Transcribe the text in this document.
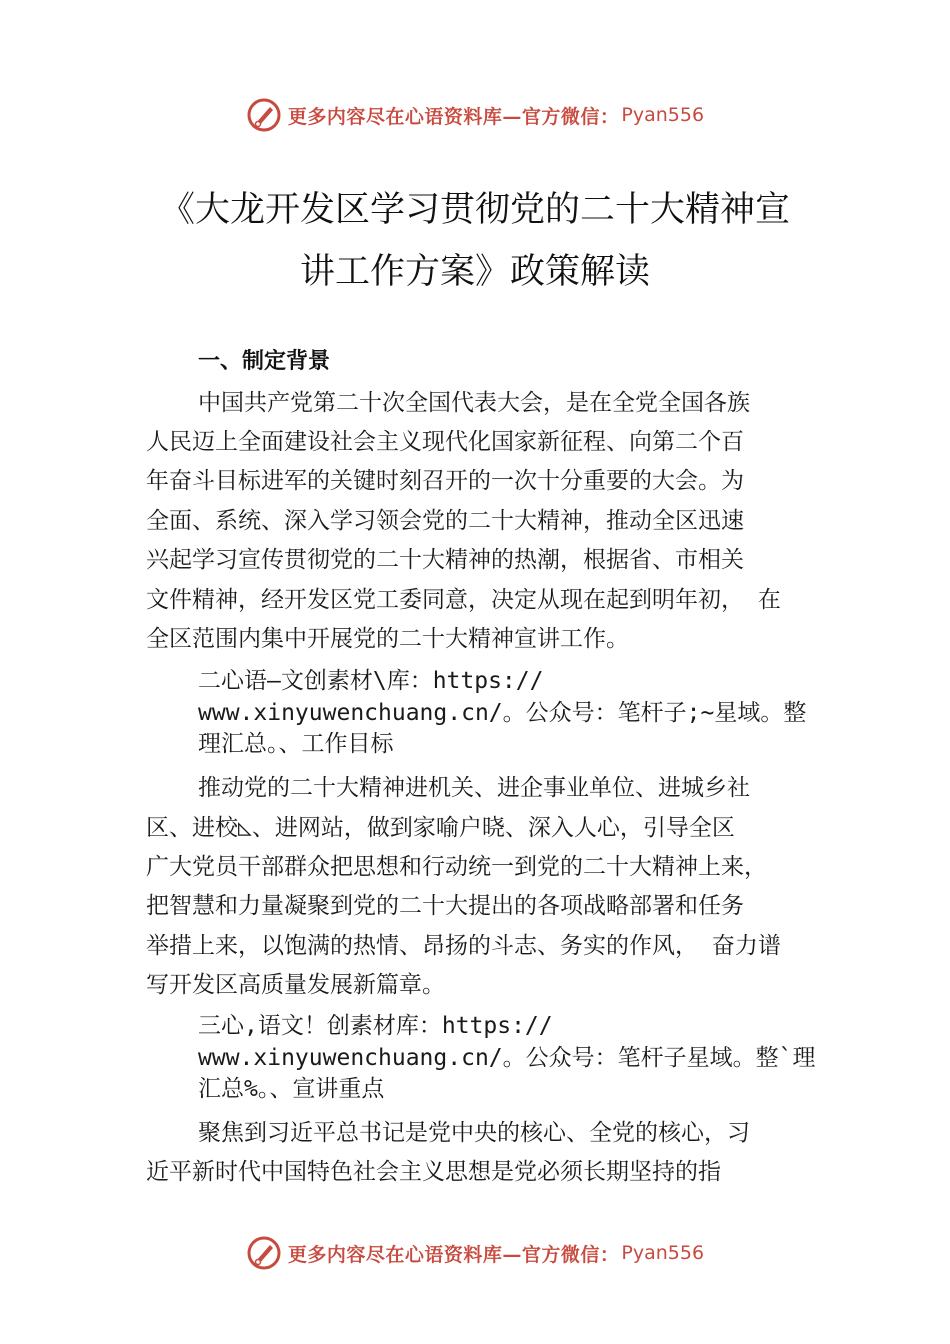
更多内容尽在心语资料库—官方微信： Pyan556
《大龙开发区学习贯彻党的二十大精神宣
讲工作方案》政策解读
一、制定背景
中国共产党第二十次全国代表大会，是在全党全国各族
人民迈上全面建设社会主义现代化国家新征程、向第二个百
年奋斗目标进军的关键时刻召开的一次十分重要的大会。为
全面、系统、深入学习领会党的二十大精神，推动全区迅速
兴起学习宣传贯彻党的二十大精神的热潮，根据省、市相关
文件精神，经开发区党工委同意，决定从现在起到明年初， 在
全区范围内集中开展党的二十大精神宣讲工作。
二心语—文创素材\库：https://
www.xinyuwenchuang.cn/。公众号：笔杆子;~星域。整
理汇总。、工作目标
推动党的二十大精神进机关、进企事业单位、进城乡社
区、进校◺、进网站，做到家喻户晓、深入人心，引导全区
广大党员干部群众把思想和行动统一到党的二十大精神上来，
把智慧和力量凝聚到党的二十大提出的各项战略部署和任务
举措上来，以饱满的热情、昂扬的斗志、务实的作风， 奋力谱
写开发区高质量发展新篇章。
三心,语文！创素材库：https://
www.xinyuwenchuang.cn/。公众号：笔杆子星域。整`理
汇总%。、宣讲重点
聚焦到习近平总书记是党中央的核心、全党的核心，习
近平新时代中国特色社会主义思想是党必须长期坚持的指
更多内容尽在心语资料库—官方微信： Pyan556
